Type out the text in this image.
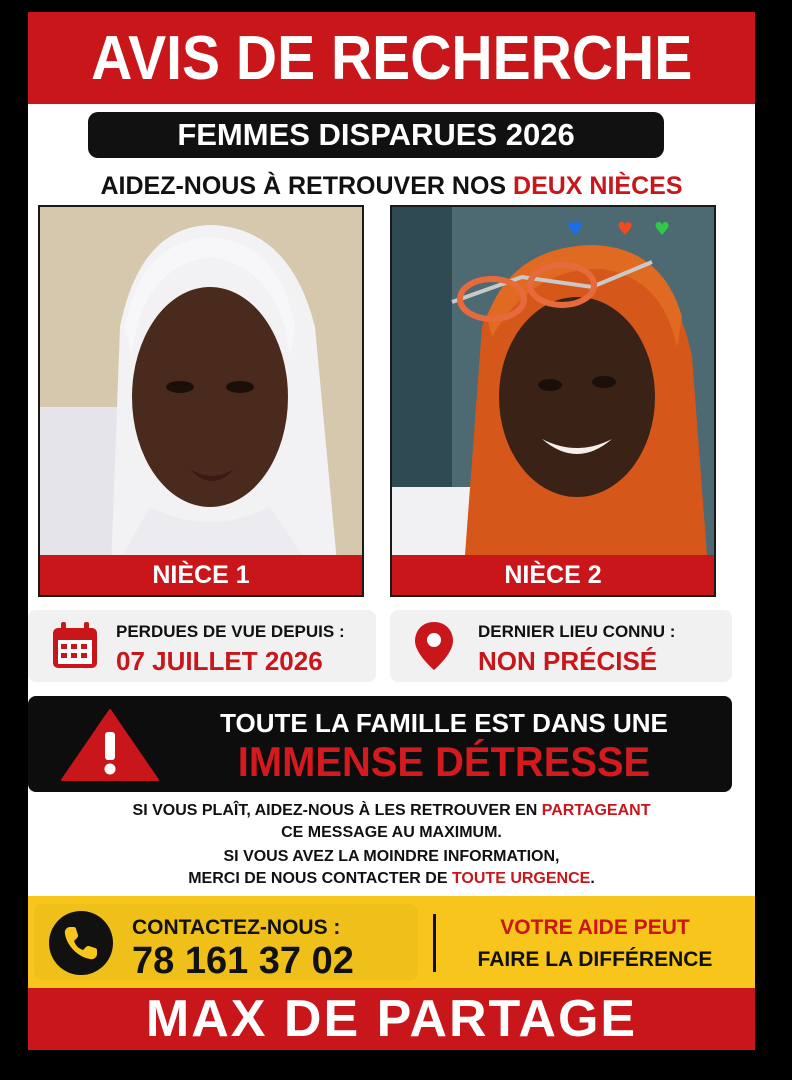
AVIS DE RECHERCHE
FEMMES DISPARUES 2026
AIDEZ-NOUS À RETROUVER NOS DEUX NIÈCES
NIÈCE 1
♥ ♥ ♥
NIÈCE 2
PERDUES DE VUE DEPUIS :
07 JUILLET 2026
DERNIER LIEU CONNU :
NON PRÉCISÉ
TOUTE LA FAMILLE EST DANS UNE
IMMENSE DÉTRESSE
SI VOUS PLAÎT, AIDEZ-NOUS À LES RETROUVER EN PARTAGEANT
CE MESSAGE AU MAXIMUM.
SI VOUS AVEZ LA MOINDRE INFORMATION,
MERCI DE NOUS CONTACTER DE TOUTE URGENCE.
CONTACTEZ-NOUS :
78 161 37 02
VOTRE AIDE PEUT
FAIRE LA DIFFÉRENCE
MAX DE PARTAGE
